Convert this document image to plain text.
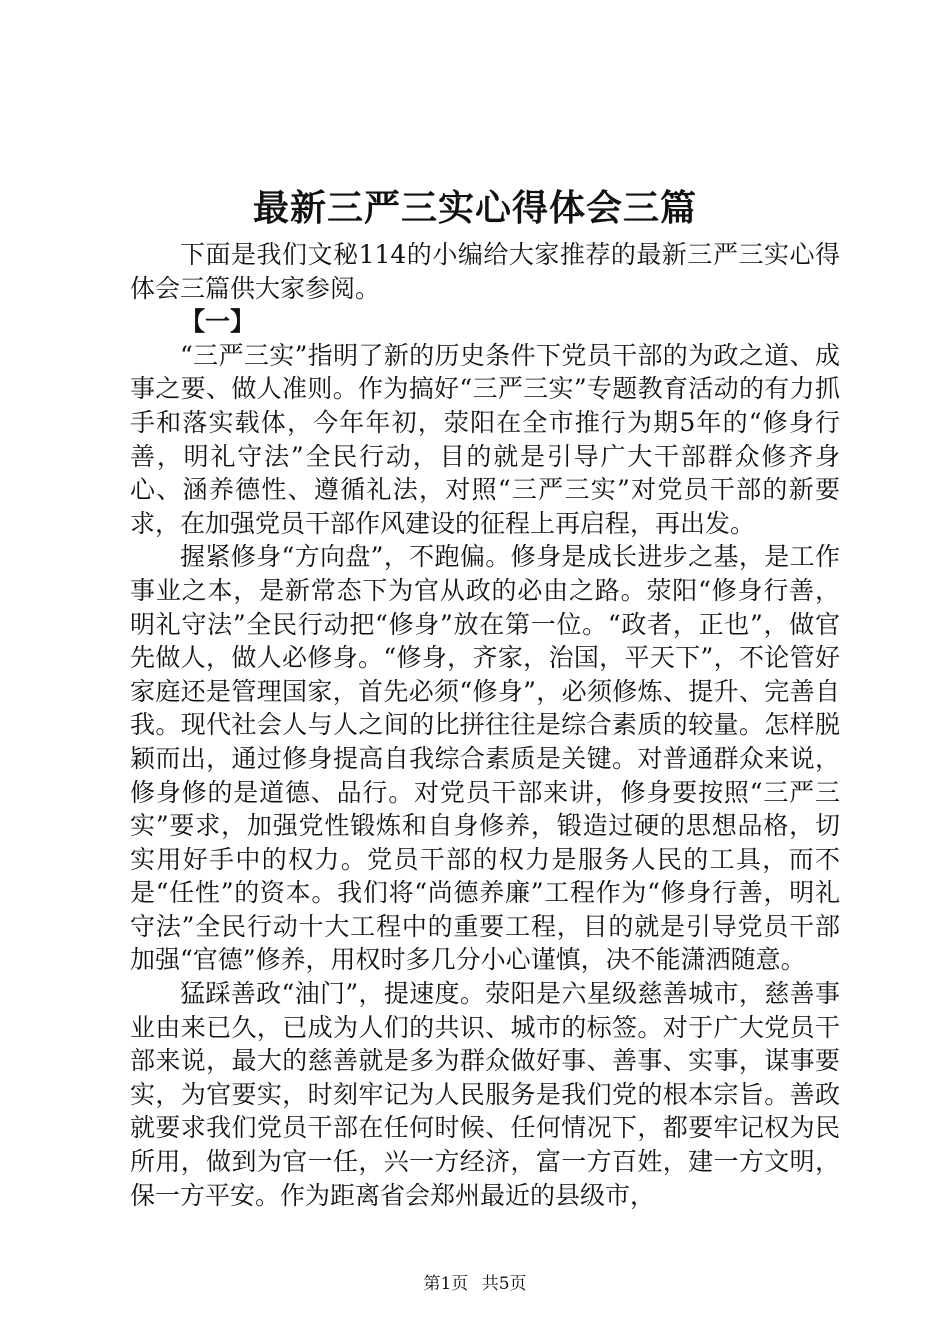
最新三严三实心得体会三篇

下面是我们文秘114的小编给大家推荐的最新三严三实心得体会三篇供大家参阅。

【一】

“三严三实”指明了新的历史条件下党员干部的为政之道、成事之要、做人准则。作为搞好“三严三实”专题教育活动的有力抓手和落实载体，今年年初，荥阳在全市推行为期5年的“修身行善，明礼守法”全民行动，目的就是引导广大干部群众修齐身心、涵养德性、遵循礼法，对照“三严三实”对党员干部的新要求，在加强党员干部作风建设的征程上再启程，再出发。

握紧修身“方向盘”，不跑偏。修身是成长进步之基，是工作事业之本，是新常态下为官从政的必由之路。荥阳“修身行善，明礼守法”全民行动把“修身”放在第一位。“政者，正也”，做官先做人，做人必修身。“修身，齐家，治国，平天下”，不论管好家庭还是管理国家，首先必须“修身”，必须修炼、提升、完善自我。现代社会人与人之间的比拼往往是综合素质的较量。怎样脱颖而出，通过修身提高自我综合素质是关键。对普通群众来说，修身修的是道德、品行。对党员干部来讲，修身要按照“三严三实”要求，加强党性锻炼和自身修养，锻造过硬的思想品格，切实用好手中的权力。党员干部的权力是服务人民的工具，而不是“任性”的资本。我们将“尚德养廉”工程作为“修身行善，明礼守法”全民行动十大工程中的重要工程，目的就是引导党员干部加强“官德”修养，用权时多几分小心谨慎，决不能潇洒随意。

猛踩善政“油门”，提速度。荥阳是六星级慈善城市，慈善事业由来已久，已成为人们的共识、城市的标签。对于广大党员干部来说，最大的慈善就是多为群众做好事、善事、实事，谋事要实，为官要实，时刻牢记为人民服务是我们党的根本宗旨。善政就要求我们党员干部在任何时候、任何情况下，都要牢记权为民所用，做到为官一任，兴一方经济，富一方百姓，建一方文明，保一方平安。作为距离省会郑州最近的县级市，

第1页 共5页
